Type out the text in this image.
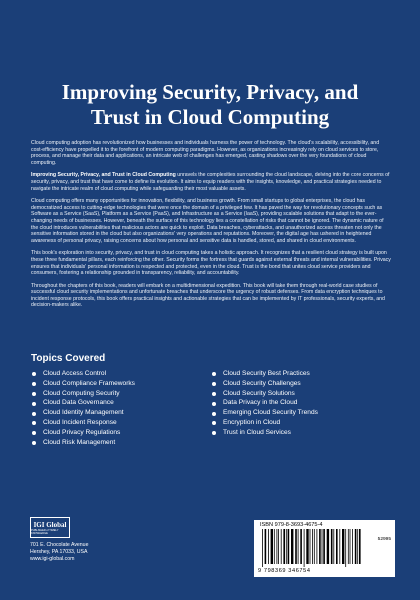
Improving Security, Privacy, and Trust in Cloud Computing

Cloud computing adoption has revolutionized how businesses and individuals harness the power of technology. The cloud's scalability, accessibility, and cost-efficiency have propelled it to the forefront of modern computing paradigms. However, as organizations increasingly rely on cloud services to store, process, and manage their data and applications, an intricate web of challenges has emerged, casting shadows over the very foundations of cloud computing.

Improving Security, Privacy, and Trust in Cloud Computing unravels the complexities surrounding the cloud landscape, delving into the core concerns of security, privacy, and trust that have come to define its evolution. It aims to equip readers with the insights, knowledge, and practical strategies needed to navigate the intricate realm of cloud computing while safeguarding their most valuable assets.

Cloud computing offers many opportunities for innovation, flexibility, and business growth. From small startups to global enterprises, the cloud has democratized access to cutting-edge technologies that were once the domain of a privileged few. It has paved the way for revolutionary concepts such as Software as a Service (SaaS), Platform as a Service (PaaS), and Infrastructure as a Service (IaaS), providing scalable solutions that adapt to the ever-changing needs of businesses. However, beneath the surface of this technology lies a constellation of risks that cannot be ignored. The dynamic nature of the cloud introduces vulnerabilities that malicious actors are quick to exploit. Data breaches, cyberattacks, and unauthorized access threaten not only the sensitive information stored in the cloud but also organizations' very operations and reputations. Moreover, the digital age has ushered in heightened awareness of personal privacy, raising concerns about how personal and sensitive data is handled, stored, and shared in cloud environments.

This book's exploration into security, privacy, and trust in cloud computing takes a holistic approach. It recognizes that a resilient cloud strategy is built upon these three fundamental pillars, each reinforcing the other. Security forms the fortress that guards against external threats and internal vulnerabilities. Privacy ensures that individuals' personal information is respected and protected, even in the cloud. Trust is the bond that unites cloud service providers and consumers, fostering a relationship grounded in transparency, reliability, and accountability.

Throughout the chapters of this book, readers will embark on a multidimensional expedition. This book will take them through real-world case studies of successful cloud security implementations and unfortunate breaches that underscore the urgency of robust defenses. From data encryption techniques to incident response protocols, this book offers practical insights and actionable strategies that can be implemented by IT professionals, security experts, and decision-makers alike.

Topics Covered
Cloud Access Control
Cloud Compliance Frameworks
Cloud Computing Security
Cloud Data Governance
Cloud Identity Management
Cloud Incident Response
Cloud Privacy Regulations
Cloud Risk Management
Cloud Security Best Practices
Cloud Security Challenges
Cloud Security Solutions
Data Privacy in the Cloud
Emerging Cloud Security Trends
Encryption in Cloud
Trust in Cloud Services
IGI Global
PUBLISHER of TIMELY KNOWLEDGE
701 E. Chocolate Avenue
Hershey, PA 17033, USA
www.igi-global.com
ISBN 979-8-3693-4675-4
52995
9 798369 346754
